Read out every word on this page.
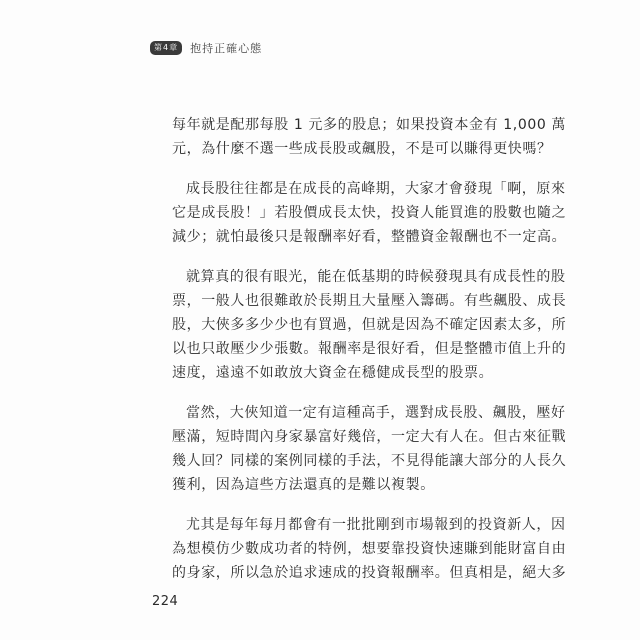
第4章	抱持正確心態
每年就是配那每股 1 元多的股息；如果投資本金有 1,000 萬
元，為什麼不選一些成長股或飆股，不是可以賺得更快嗎？
成長股往往都是在成長的高峰期，大家才會發現「啊，原來
它是成長股！」若股價成長太快，投資人能買進的股數也隨之
減少；就怕最後只是報酬率好看，整體資金報酬也不一定高。
就算真的很有眼光，能在低基期的時候發現具有成長性的股
票，一般人也很難敢於長期且大量壓入籌碼。有些飆股、成長
股，大俠多多少少也有買過，但就是因為不確定因素太多，所
以也只敢壓少少張數。報酬率是很好看，但是整體市值上升的
速度，遠遠不如敢放大資金在穩健成長型的股票。
當然，大俠知道一定有這種高手，選對成長股、飆股，壓好
壓滿，短時間內身家暴富好幾倍，一定大有人在。但古來征戰
幾人回？同樣的案例同樣的手法，不見得能讓大部分的人長久
獲利，因為這些方法還真的是難以複製。
尤其是每年每月都會有一批批剛到市場報到的投資新人，因
為想模仿少數成功者的特例，想要靠投資快速賺到能財富自由
的身家，所以急於追求速成的投資報酬率。但真相是，絕大多
224
